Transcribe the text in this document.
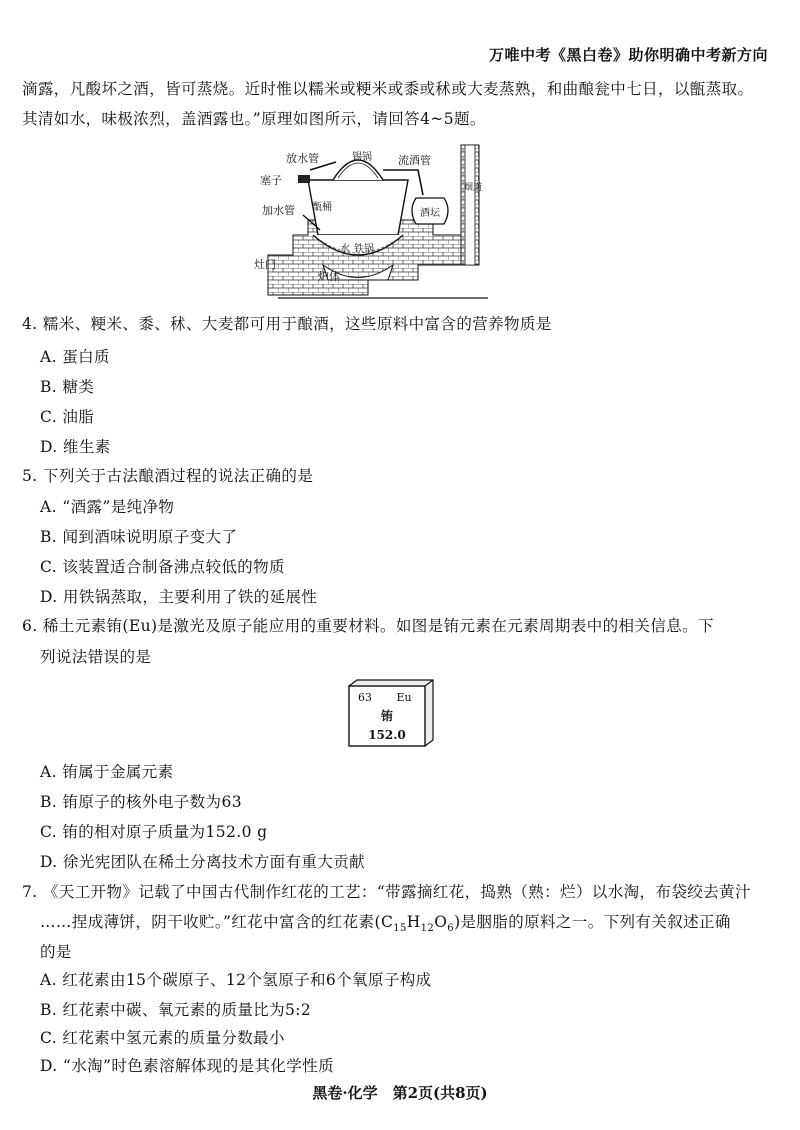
万唯中考《黑白卷》助你明确中考新方向

滴露，凡酸坏之酒，皆可蒸烧。近时惟以糯米或粳米或黍或秫或大麦蒸熟，和曲酿瓮中七日，以甑蒸取。

其清如水，味极浓烈，盖酒露也。”原理如图所示，请回答4~5题。

放水管	锡锅 流酒管
塞子
加水管 甑桶
酒坛
烟道
水 铁锅
灶门
炉体
4. 糯米、粳米、黍、秫、大麦都可用于酿酒，这些原料中富含的营养物质是
A. 蛋白质
B. 糖类
C. 油脂
D. 维生素
5. 下列关于古法酿酒过程的说法正确的是
A. “酒露”是纯净物
B. 闻到酒味说明原子变大了
C. 该装置适合制备沸点较低的物质
D. 用铁锅蒸取，主要利用了铁的延展性
6. 稀土元素铕(Eu)是激光及原子能应用的重要材料。如图是铕元素在元素周期表中的相关信息。下
列说法错误的是
63 Eu
铕
152.0
A. 铕属于金属元素
B. 铕原子的核外电子数为63
C. 铕的相对原子质量为152.0 g
D. 徐光宪团队在稀土分离技术方面有重大贡献
7. 《天工开物》记载了中国古代制作红花的工艺：“带露摘红花，捣熟（熟：烂）以水淘，布袋绞去黄汁
……捏成薄饼，阴干收贮。”红花中富含的红花素$(C_{15}H_{12}O_6)$是胭脂的原料之一。下列有关叙述正确
的是
A. 红花素由15个碳原子、12个氢原子和6个氧原子构成
B. 红花素中碳、氧元素的质量比为5:2
C. 红花素中氢元素的质量分数最小
D. “水淘”时色素溶解体现的是其化学性质
黑卷·化学　第2页(共8页)
